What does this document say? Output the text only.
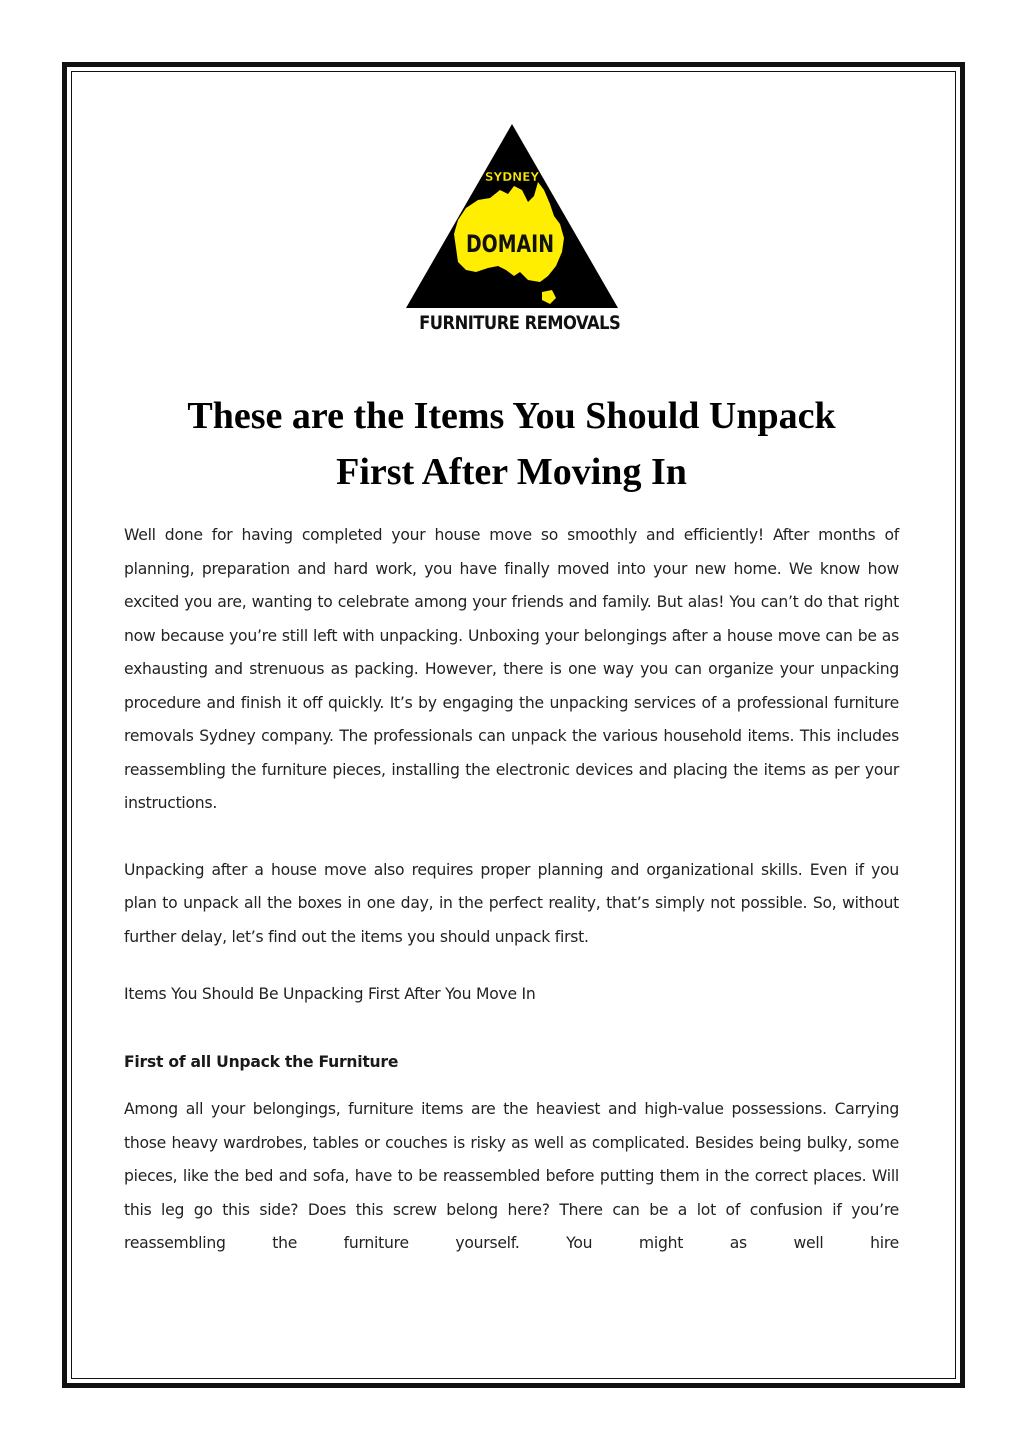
SYDNEY
DOMAIN
FURNITURE REMOVALS
These are the Items You Should Unpack
First After Moving In

Well done for having completed your house move so smoothly and efficiently! After months of planning, preparation and hard work, you have finally moved into your new home. We know how excited you are, wanting to celebrate among your friends and family. But alas! You can’t do that right now because you’re still left with unpacking. Unboxing your belongings after a house move can be as exhausting and strenuous as packing. However, there is one way you can organize your unpacking procedure and finish it off quickly. It’s by engaging the unpacking services of a professional furniture removals Sydney company. The professionals can unpack the various household items. This includes reassembling the furniture pieces, installing the electronic devices and placing the items as per your instructions.

Unpacking after a house move also requires proper planning and organizational skills. Even if you plan to unpack all the boxes in one day, in the perfect reality, that’s simply not possible. So, without further delay, let’s find out the items you should unpack first.

Items You Should Be Unpacking First After You Move In

First of all Unpack the Furniture

Among all your belongings, furniture items are the heaviest and high-value possessions. Carrying those heavy wardrobes, tables or couches is risky as well as complicated. Besides being bulky, some pieces, like the bed and sofa, have to be reassembled before putting them in the correct places. Will this leg go this side? Does this screw belong here? There can be a lot of confusion if you’re reassembling the furniture yourself. You might as well hire
